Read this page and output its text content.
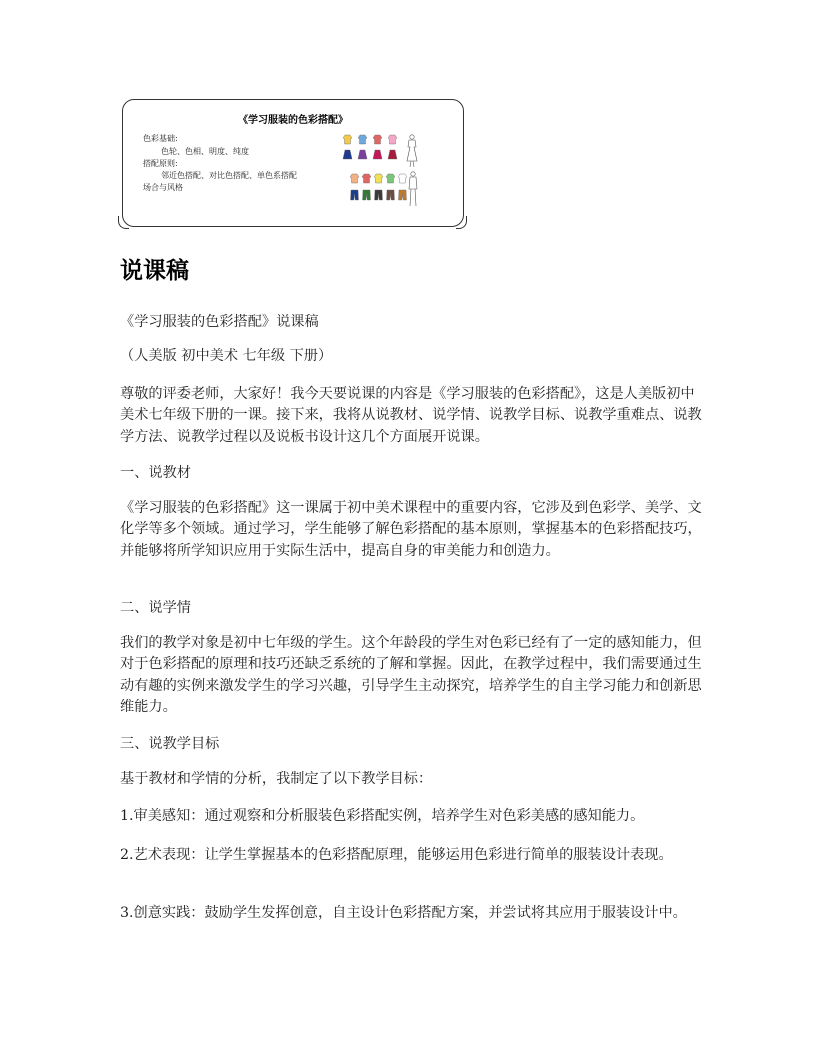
《学习服装的色彩搭配》
色彩基础:
色轮、色相、明度、纯度
搭配原则:
邻近色搭配、对比色搭配、单色系搭配
场合与风格
说课稿

《学习服装的色彩搭配》说课稿

（人美版 初中美术 七年级 下册）

尊敬的评委老师，大家好！我今天要说课的内容是《学习服装的色彩搭配》，这是人美版初中美术七年级下册的一课。接下来，我将从说教材、说学情、说教学目标、说教学重难点、说教学方法、说教学过程以及说板书设计这几个方面展开说课。

一、说教材

《学习服装的色彩搭配》这一课属于初中美术课程中的重要内容，它涉及到色彩学、美学、文化学等多个领域。通过学习，学生能够了解色彩搭配的基本原则，掌握基本的色彩搭配技巧，并能够将所学知识应用于实际生活中，提高自身的审美能力和创造力。

二、说学情

我们的教学对象是初中七年级的学生。这个年龄段的学生对色彩已经有了一定的感知能力，但对于色彩搭配的原理和技巧还缺乏系统的了解和掌握。因此，在教学过程中，我们需要通过生动有趣的实例来激发学生的学习兴趣，引导学生主动探究，培养学生的自主学习能力和创新思维能力。

三、说教学目标

基于教材和学情的分析，我制定了以下教学目标：

1.审美感知：通过观察和分析服装色彩搭配实例，培养学生对色彩美感的感知能力。

2.艺术表现：让学生掌握基本的色彩搭配原理，能够运用色彩进行简单的服装设计表现。

3.创意实践：鼓励学生发挥创意，自主设计色彩搭配方案，并尝试将其应用于服装设计中。
